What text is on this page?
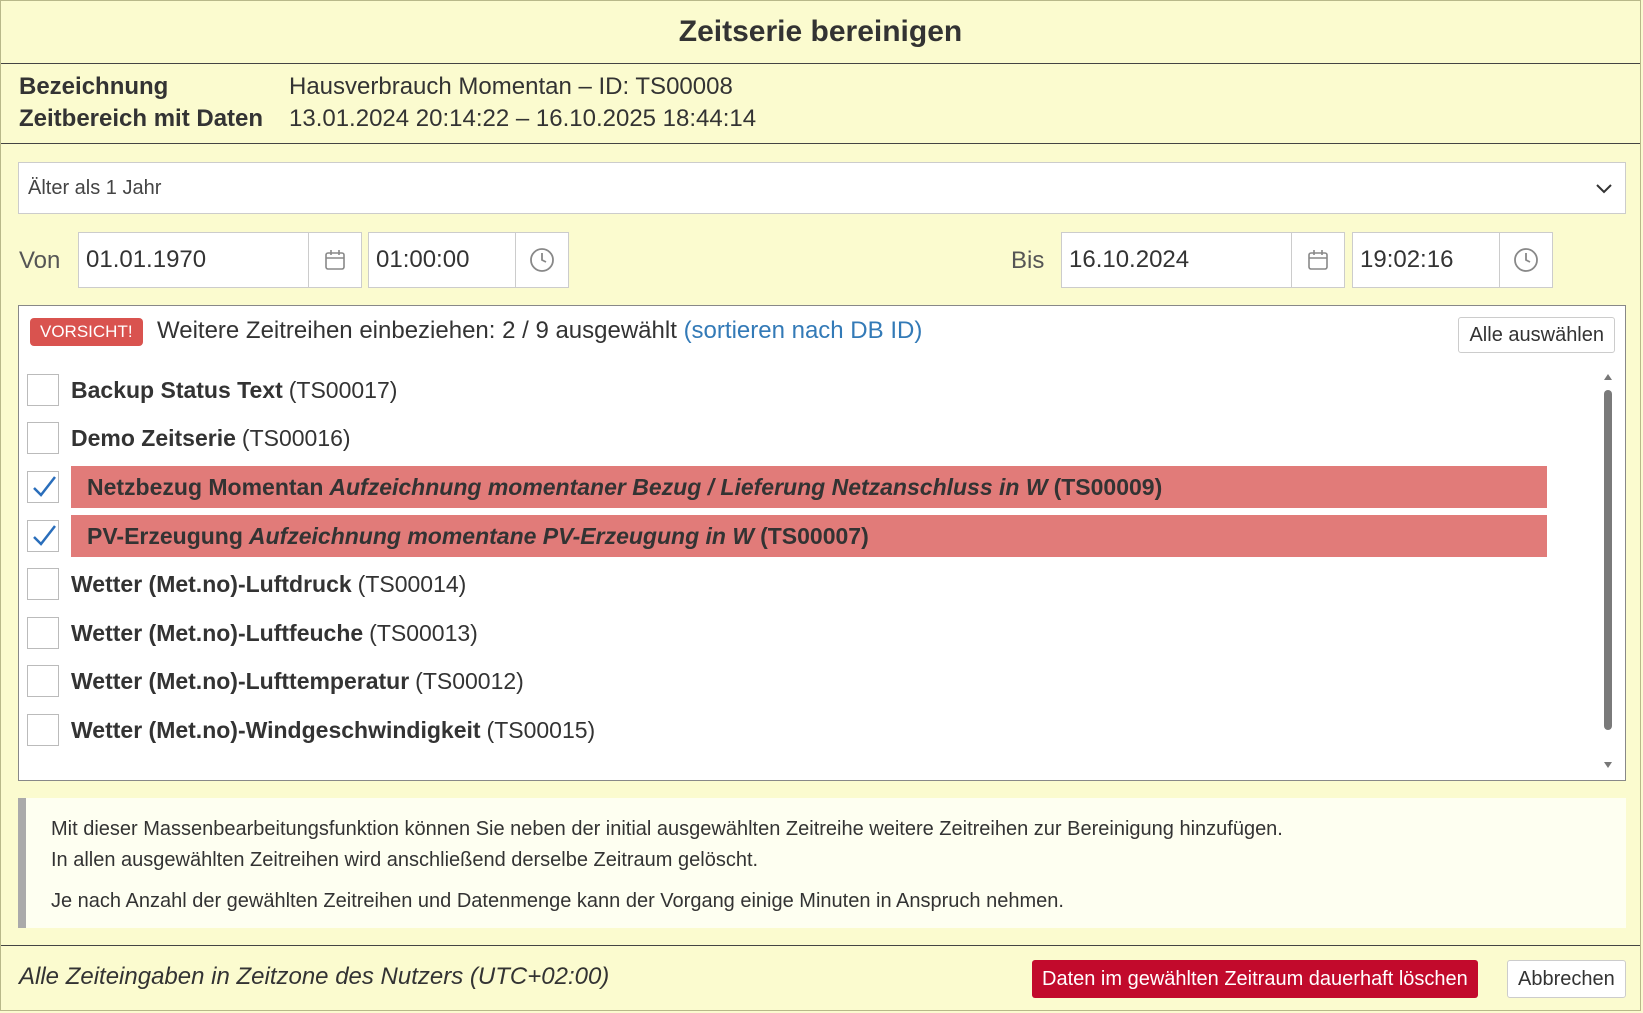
Zeitserie bereinigen
Bezeichnung	Hausverbrauch Momentan – ID: TS00008
Zeitbereich mit Daten	13.01.2024 20:14:22 – 16.10.2025 18:44:14
Älter als 1 Jahr
Von 01.01.1970	01:00:00	Bis 16.10.2024	19:02:16
VORSICHT!	Weitere Zeitreihen einbeziehen: 2 / 9 ausgewählt (sortieren nach DB ID)	Alle auswählen
Backup Status Text (TS00017)
Demo Zeitserie (TS00016)
Netzbezug Momentan Aufzeichnung momentaner Bezug / Lieferung Netzanschluss in W (TS00009)
PV-Erzeugung Aufzeichnung momentane PV-Erzeugung in W (TS00007)
Wetter (Met.no)-Luftdruck (TS00014)
Wetter (Met.no)-Luftfeuche (TS00013)
Wetter (Met.no)-Lufttemperatur (TS00012)
Wetter (Met.no)-Windgeschwindigkeit (TS00015)

Mit dieser Massenbearbeitungsfunktion können Sie neben der initial ausgewählten Zeitreihe weitere Zeitreihen zur Bereinigung hinzufügen.

In allen ausgewählten Zeitreihen wird anschließend derselbe Zeitraum gelöscht.

Je nach Anzahl der gewählten Zeitreihen und Datenmenge kann der Vorgang einige Minuten in Anspruch nehmen.

Alle Zeiteingaben in Zeitzone des Nutzers (UTC+02:00)	Daten im gewählten Zeitraum dauerhaft löschen	Abbrechen
